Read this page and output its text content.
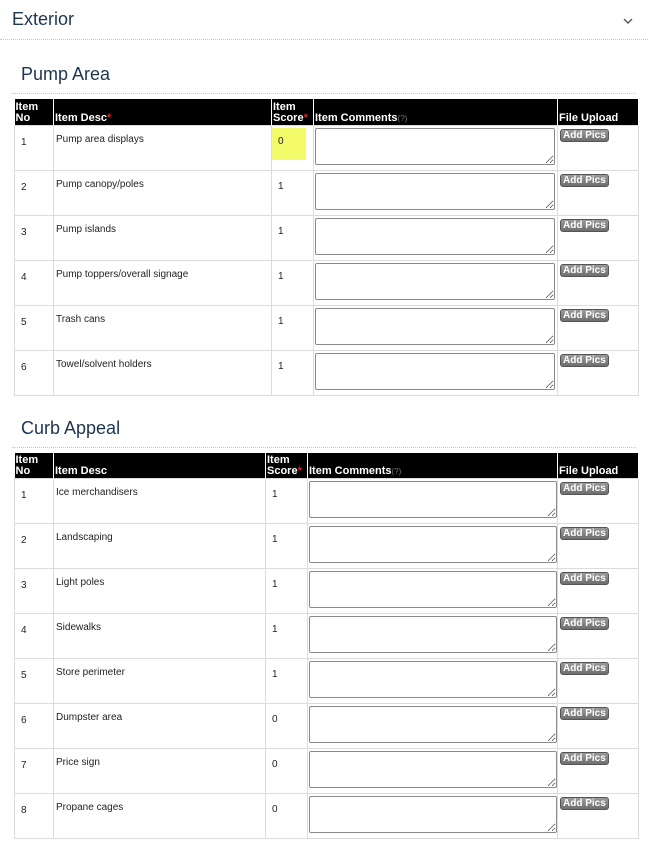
Exterior
Pump Area
Item No	Item Desc*	Item Score*	Item Comments(?)	File Upload
1	Pump area displays	0		Add Pics
2	Pump canopy/poles	1		Add Pics
3	Pump islands	1		Add Pics
4	Pump toppers/overall signage	1		Add Pics
5	Trash cans	1		Add Pics
6	Towel/solvent holders	1		Add Pics
Curb Appeal
Item No	Item Desc	Item Score*	Item Comments(?)	File Upload
1	Ice merchandisers	1		Add Pics
2	Landscaping	1		Add Pics
3	Light poles	1		Add Pics
4	Sidewalks	1		Add Pics
5	Store perimeter	1		Add Pics
6	Dumpster area	0		Add Pics
7	Price sign	0		Add Pics
8	Propane cages	0		Add Pics
